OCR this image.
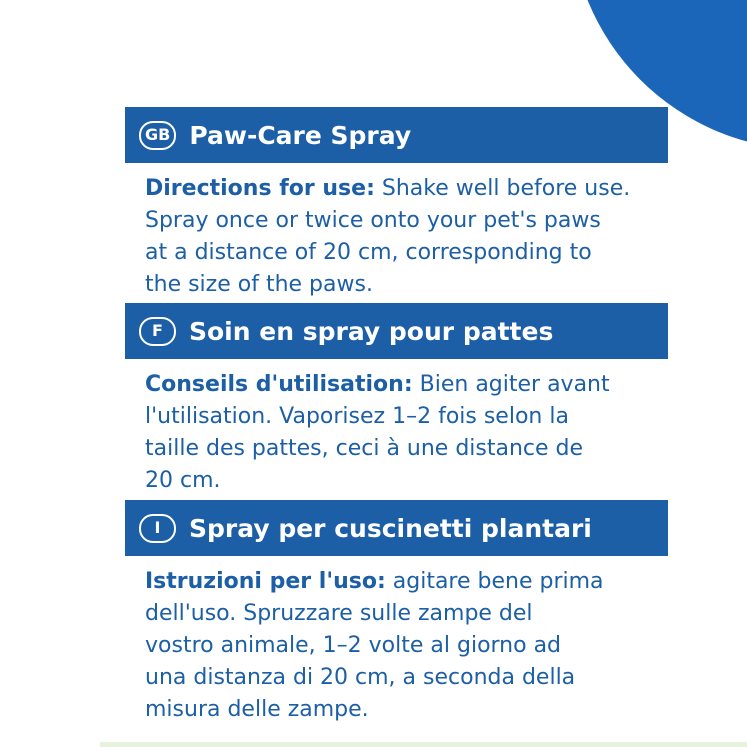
GB Paw-Care Spray

Directions for use: Shake well before use.
Spray once or twice onto your pet's paws
at a distance of 20 cm, corresponding to
the size of the paws.

F	Soin en spray pour pattes

Conseils d'utilisation: Bien agiter avant
l'utilisation. Vaporisez 1–2 fois selon la
taille des pattes, ceci à une distance de
20 cm.

I	Spray per cuscinetti plantari

Istruzioni per l'uso: agitare bene prima
dell'uso. Spruzzare sulle zampe del
vostro animale, 1–2 volte al giorno ad
una distanza di 20 cm, a seconda della
misura delle zampe.
